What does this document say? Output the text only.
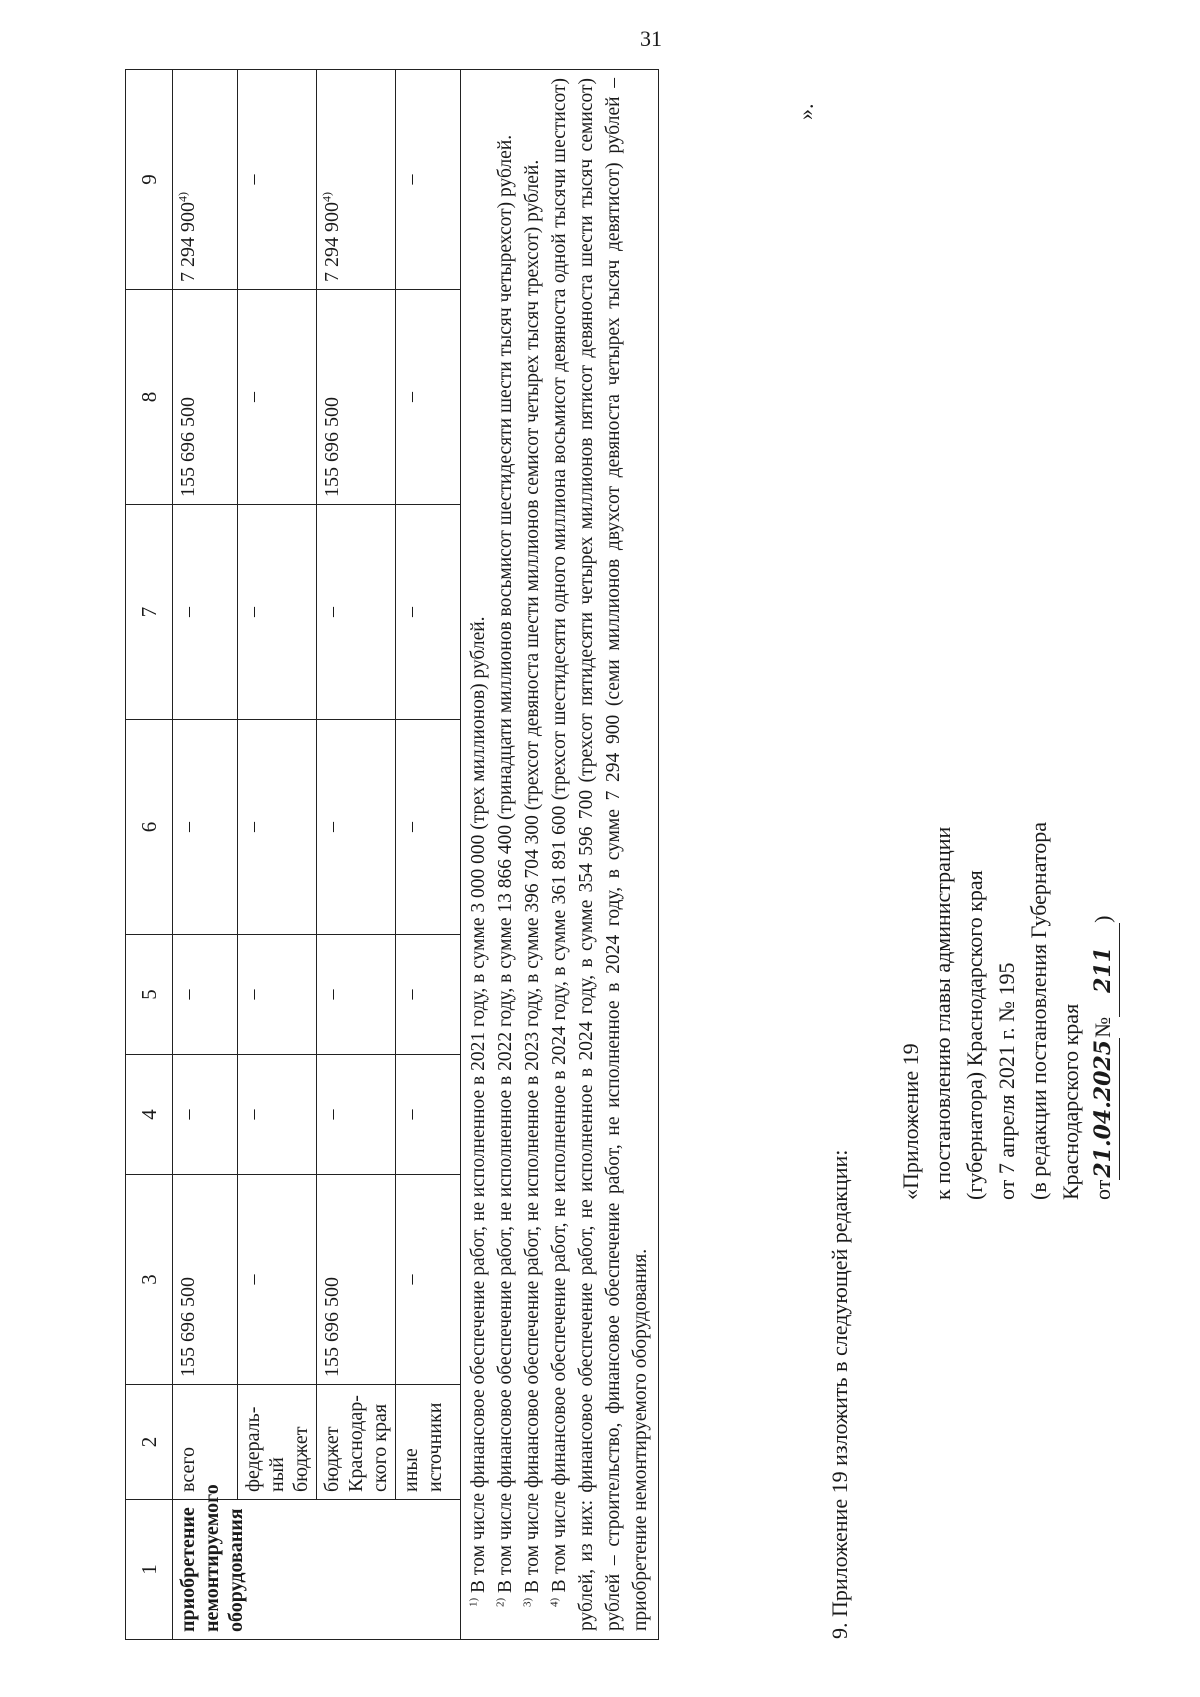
31
1	2	3	4	5	6	7	8	9
приобретение немонтируемого оборудования	всего	155 696 500	–	–	–	–	155 696 500	7 294 900$^{4)}$
	федераль-ный бюджет	–	–	–	–	–	–	–
	бюджет Краснодар-ского края	155 696 500	–	–	–	–	155 696 500	7 294 900$^{4)}$
	иные источники	–	–	–	–	–	–	–

$^{1)}$ В том числе финансовое обеспечение работ, не исполненное в 2021 году, в сумме 3 000 000 (трех миллионов) рублей.

$^{2)}$ В том числе финансовое обеспечение работ, не исполненное в 2022 году, в сумме 13 866 400 (тринадцати миллионов восьмисот шестидесяти шести тысяч четырехсот) рублей.

$^{3)}$ В том числе финансовое обеспечение работ, не исполненное в 2023 году, в сумме 396 704 300 (трехсот девяноста шести миллионов семисот четырех тысяч трехсот) рублей.

$^{4)}$ В том числе финансовое обеспечение работ, не исполненное в 2024 году, в сумме 361 891 600 (трехсот шестидесяти одного миллиона восьмисот девяноста одной тысячи шестисот) рублей, из них: финансовое обеспечение работ, не исполненное в 2024 году, в сумме 354 596 700 (трехсот пятидесяти четырех миллионов пятисот девяноста шести тысяч семисот) рублей – строительство, финансовое обеспечение работ, не исполненное в 2024 году, в сумме 7 294 900 (семи миллионов двухсот девяноста четырех тысяч девятисот) рублей – приобретение немонтируемого оборудования.								

».
9. Приложение 19 изложить в следующей редакции:
«Приложение 19 к постановлению главы администрации (губернатора) Краснодарского края от 7 апреля 2021 г. № 195 (в редакции постановления Губернатора Краснодарского края от21.04.2025№211)
